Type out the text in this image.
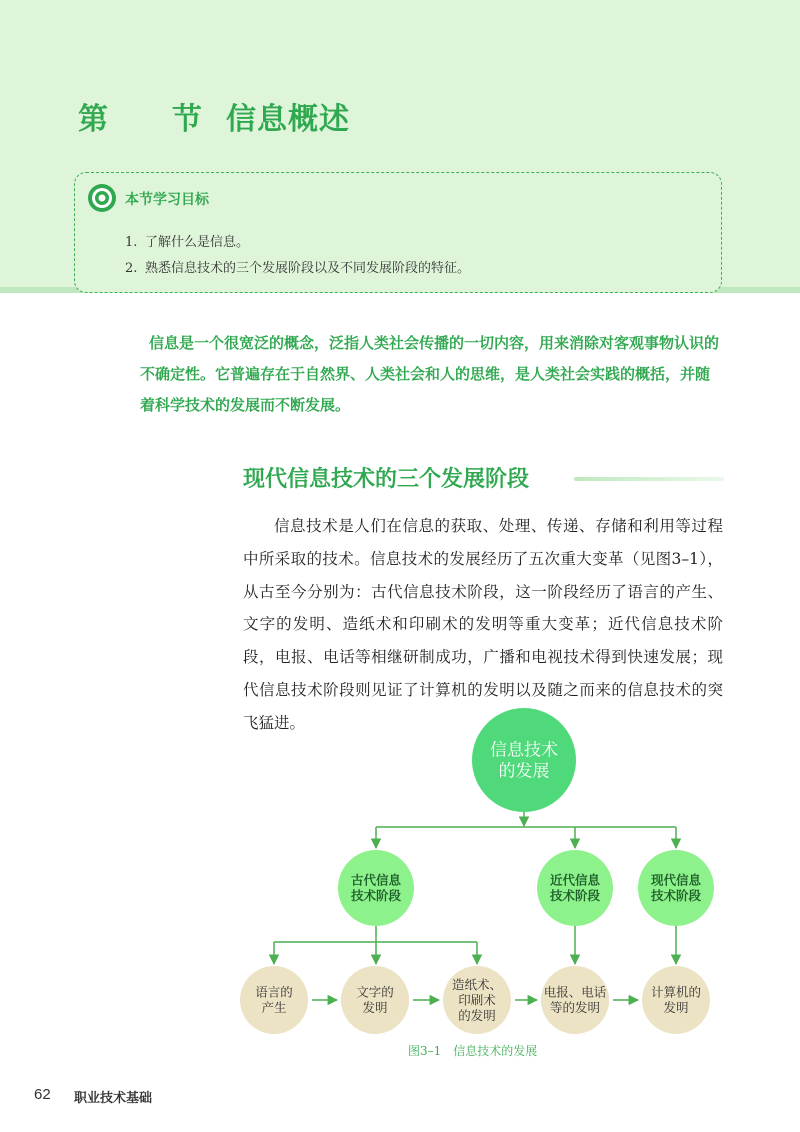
第 节 信息概述
本节学习目标
1. 了解什么是信息。
2. 熟悉信息技术的三个发展阶段以及不同发展阶段的特征。
信息是一个很宽泛的概念，泛指人类社会传播的一切内容，用来消除对客观事物认识的不确定性。它普遍存在于自然界、人类社会和人的思维，是人类社会实践的概括，并随着科学技术的发展而不断发展。
现代信息技术的三个发展阶段
信息技术是人们在信息的获取、处理、传递、存储和利用等过程中所采取的技术。信息技术的发展经历了五次重大变革（见图3–1），从古至今分别为：古代信息技术阶段，这一阶段经历了语言的产生、文字的发明、造纸术和印刷术的发明等重大变革；近代信息技术阶段，电报、电话等相继研制成功，广播和电视技术得到快速发展；现代信息技术阶段则见证了计算机的发明以及随之而来的信息技术的突飞猛进。
信息技术
的发展
古代信息
技术阶段
近代信息
技术阶段
现代信息
技术阶段
语言的
产生
文字的
发明
造纸术、
印刷术
的发明
电报、电话
等的发明
计算机的
发明
图3–1 信息技术的发展
62 职业技术基础
